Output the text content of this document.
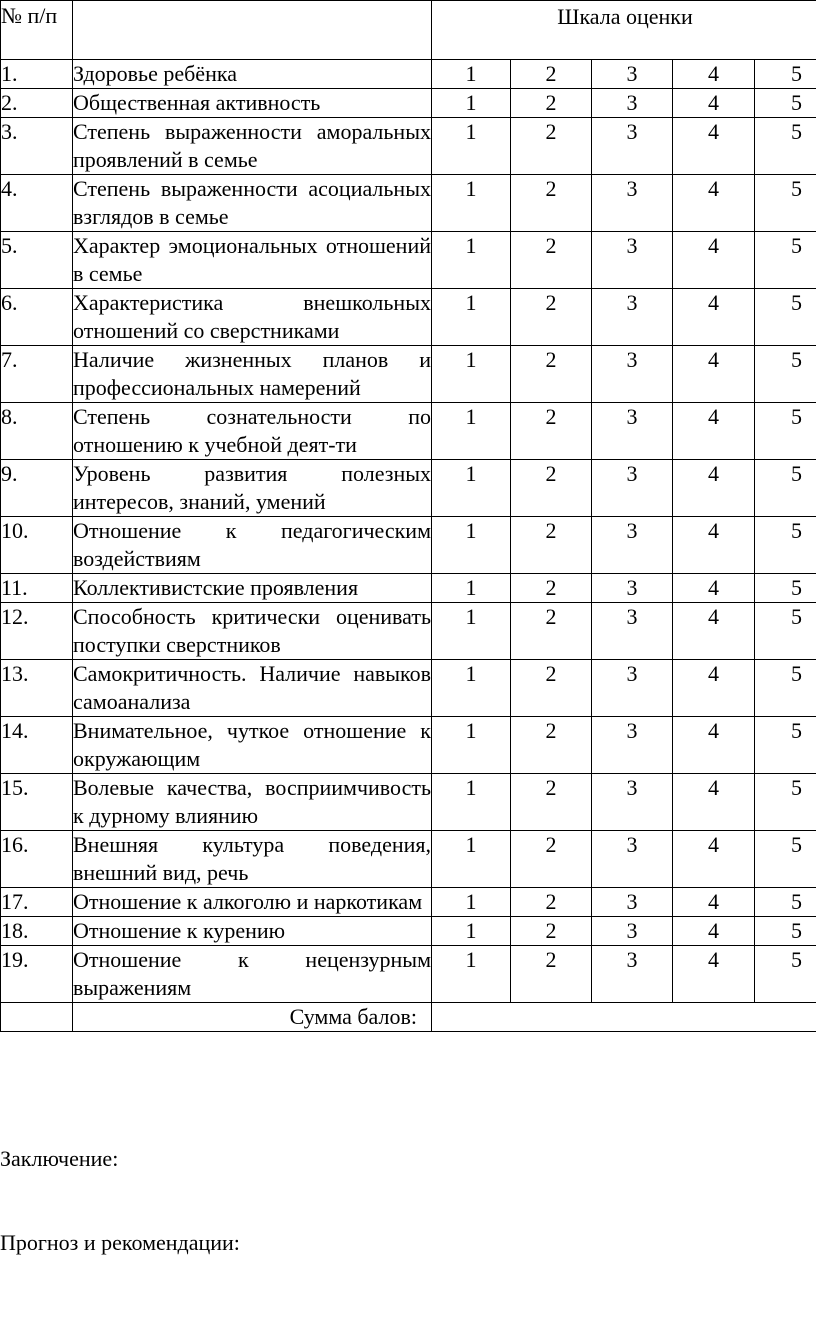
№ п/п		Шкала оценки				
1.	Здоровье ребёнка	1	2	3	4	5
2.	Общественная активность	1	2	3	4	5
3.	Степень выраженности аморальных проявлений в семье	1	2	3	4	5
4.	Степень выраженности асоциальных взглядов в семье	1	2	3	4	5
5.	Характер эмоциональных отношений в семье	1	2	3	4	5
6.	Характеристика внешкольных отношений со сверстниками	1	2	3	4	5
7.	Наличие жизненных планов и профессиональных намерений	1	2	3	4	5
8.	Степень сознательности по отношению к учебной деят-ти	1	2	3	4	5
9.	Уровень развития полезных интересов, знаний, умений	1	2	3	4	5
10.	Отношение к педагогическим воздействиям	1	2	3	4	5
11.	Коллективистские проявления	1	2	3	4	5
12.	Способность критически оценивать поступки сверстников	1	2	3	4	5
13.	Самокритичность. Наличие навыков самоанализа	1	2	3	4	5
14.	Внимательное, чуткое отношение к окружающим	1	2	3	4	5
15.	Волевые качества, восприимчивость к дурному влиянию	1	2	3	4	5
16.	Внешняя культура поведения, внешний вид, речь	1	2	3	4	5
17.	Отношение к алкоголю и наркотикам	1	2	3	4	5
18.	Отношение к курению	1	2	3	4	5
19.	Отношение к нецензурным выражениям	1	2	3	4	5
	Сумма балов:					
Заключение:
Прогноз и рекомендации:
